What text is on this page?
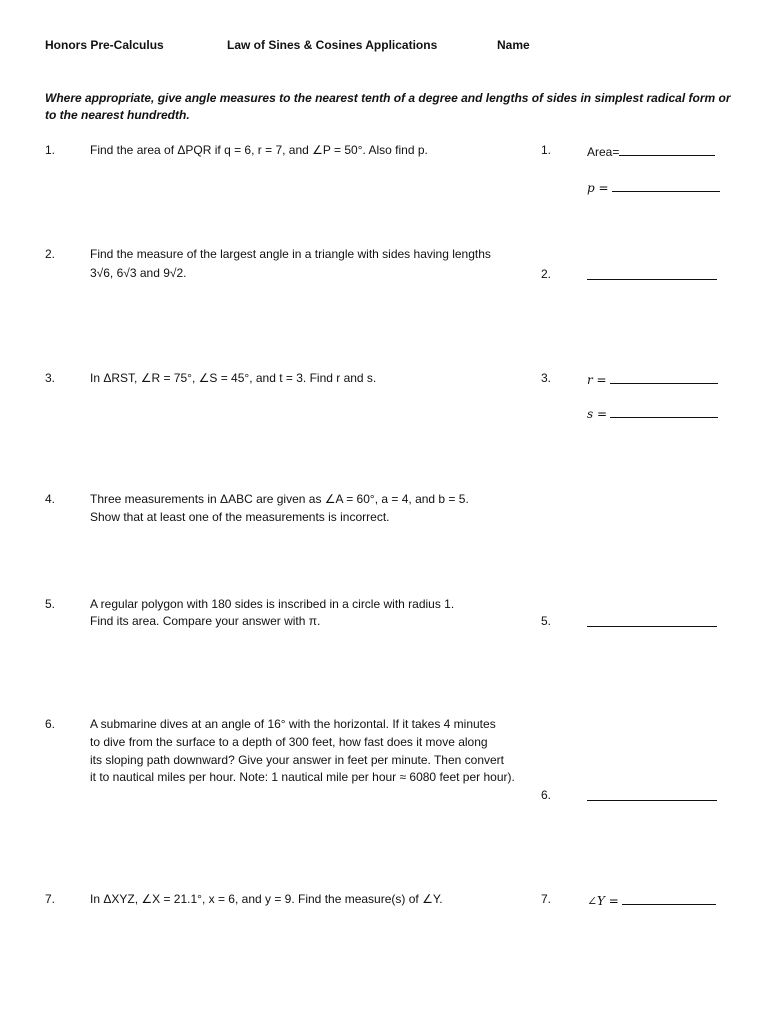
Honors Pre-Calculus	Law of Sines & Cosines Applications	Name
Where appropriate, give angle measures to the nearest tenth of a degree and lengths of sides in simplest radical form or to the nearest hundredth.
1.	Find the area of ΔPQR if q = 6, r = 7, and ∠P = 50°. Also find p.	1.	Area=
p =
2.	Find the measure of the largest angle in a triangle with sides having lengths
3√6, 6√3 and 9√2.	2.
3.	In ΔRST, ∠R = 75°, ∠S = 45°, and t = 3. Find r and s.	3.	r =
s =
4.	Three measurements in ΔABC are given as ∠A = 60°, a = 4, and b = 5.
Show that at least one of the measurements is incorrect.
5.	A regular polygon with 180 sides is inscribed in a circle with radius 1.
Find its area. Compare your answer with π.	5.
6.	A submarine dives at an angle of 16° with the horizontal. If it takes 4 minutes
to dive from the surface to a depth of 300 feet, how fast does it move along
its sloping path downward? Give your answer in feet per minute. Then convert
it to nautical miles per hour. Note: 1 nautical mile per hour ≈ 6080 feet per hour).
6.
7.	In ΔXYZ, ∠X = 21.1°, x = 6, and y = 9. Find the measure(s) of ∠Y.	7.	∠Y =
